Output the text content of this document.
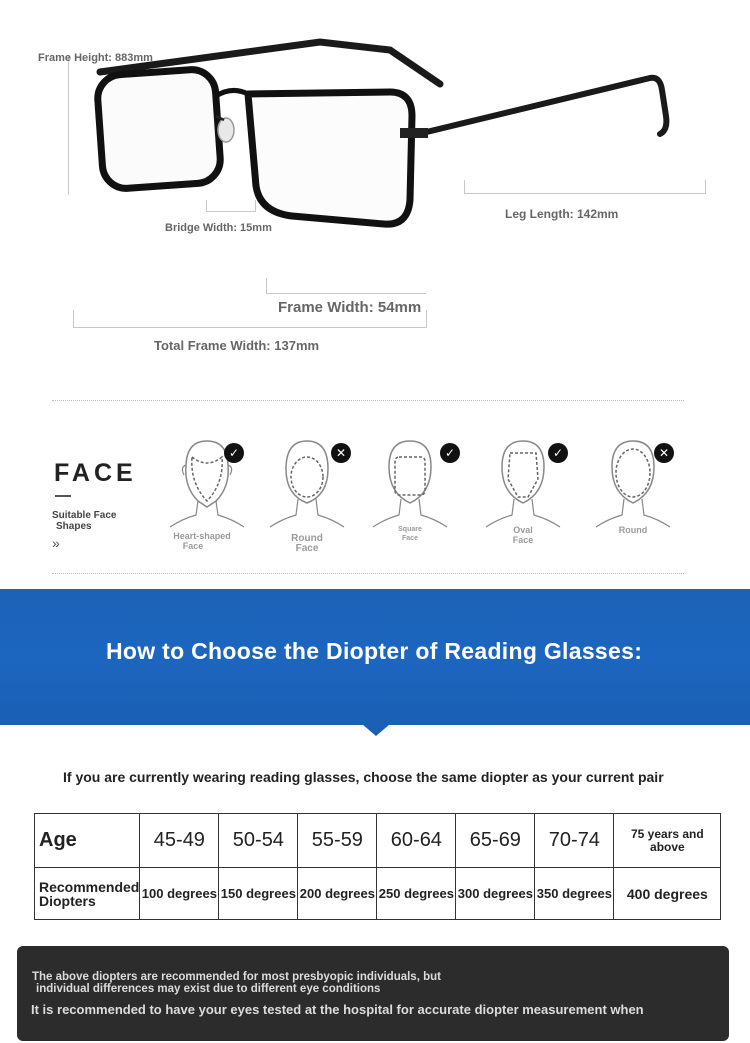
Frame Height: 883mm
Bridge Width: 15mm
Leg Length: 142mm
Frame Width: 54mm
Total Frame Width: 137mm
FACE
Suitable Face
Shapes
»	Heart-shaped
Face
✓
Round
Face
✕
Square
Face
✓
Oval
Face
✓
Round
✕
How to Choose the Diopter of Reading Glasses:
If you are currently wearing reading glasses, choose the same diopter as your current pair
Age	45-49	50-54	55-59	60-64	65-69	70-74	75 years and above
Recommended
Diopters	100 degrees	150 degrees	200 degrees	250 degrees	300 degrees	350 degrees	400 degrees
The above diopters are recommended for most presbyopic individuals, but
individual differences may exist due to different eye conditions
It is recommended to have your eyes tested at the hospital for accurate diopter measurement when
